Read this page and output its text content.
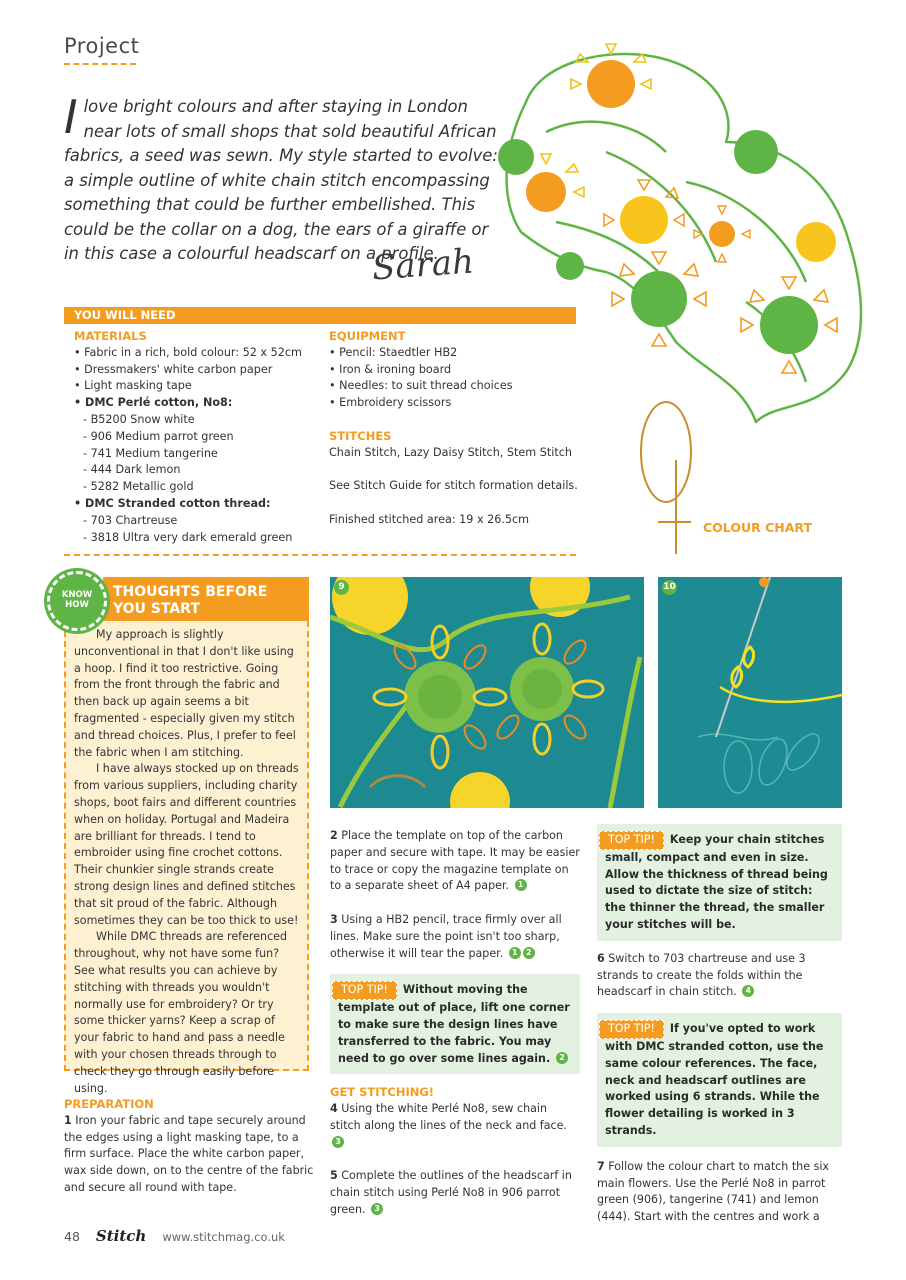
Project
Ilove bright colours and after staying in London near lots of small shops that sold beautiful African fabrics, a seed was sewn. My style started to evolve: a simple outline of white chain stitch encompassing something that could be further embellished. This could be the collar on a dog, the ears of a giraffe or in this case a colourful headscarf on a profile.
Sarah
COLOUR CHART
YOU WILL NEED
MATERIALS
• Fabric in a rich, bold colour: 52 x 52cm
• Dressmakers' white carbon paper
• Light masking tape
• DMC Perlé cotton, No8:
- B5200 Snow white
- 906 Medium parrot green
- 741 Medium tangerine
- 444 Dark lemon
- 5282 Metallic gold
• DMC Stranded cotton thread:
- 703 Chartreuse
- 3818 Ultra very dark emerald green
EQUIPMENT
• Pencil: Staedtler HB2
• Iron & ironing board
• Needles: to suit thread choices
• Embroidery scissors
STITCHES
Chain Stitch, Lazy Daisy Stitch, Stem Stitch
See Stitch Guide for stitch formation details.
Finished stitched area: 19 x 26.5cm

My approach is slightly unconventional in that I don't like using a hoop. I find it too restrictive. Going from the front through the fabric and then back up again seems a bit fragmented - especially given my stitch and thread choices. Plus, I prefer to feel the fabric when I am stitching.

I have always stocked up on threads from various suppliers, including charity shops, boot fairs and different countries when on holiday. Portugal and Madeira are brilliant for threads. I tend to embroider using fine crochet cottons. Their chunkier single strands create strong design lines and defined stitches that sit proud of the fabric. Although sometimes they can be too thick to use!

While DMC threads are referenced throughout, why not have some fun? See what results you can achieve by stitching with threads you wouldn't normally use for embroidery? Or try some thicker yarns? Keep a scrap of your fabric to hand and pass a needle with your chosen threads through to check they go through easily before using.

THOUGHTS BEFORE YOU START
KNOW HOW
9	10
PREPARATION
1 Iron your fabric and tape securely around the edges using a light masking tape, to a firm surface. Place the white carbon paper, wax side down, on to the centre of the fabric and secure all round with tape.
2 Place the template on top of the carbon paper and secure with tape. It may be easier to trace or copy the magazine template on to a separate sheet of A4 paper. 1
3 Using a HB2 pencil, trace firmly over all lines. Make sure the point isn't too sharp, otherwise it will tear the paper. 1 2
TOP TIP! Without moving the template out of place, lift one corner to make sure the design lines have transferred to the fabric. You may need to go over some lines again. 2
GET STITCHING!
4 Using the white Perlé No8, sew chain stitch along the lines of the neck and face. 3
5 Complete the outlines of the headscarf in chain stitch using Perlé No8 in 906 parrot green. 3
TOP TIP! Keep your chain stitches small, compact and even in size. Allow the thickness of thread being used to dictate the size of stitch: the thinner the thread, the smaller your stitches will be.
6 Switch to 703 chartreuse and use 3 strands to create the folds within the headscarf in chain stitch. 4
TOP TIP! If you've opted to work with DMC stranded cotton, use the same colour references. The face, neck and headscarf outlines are worked using 6 strands. While the flower detailing is worked in 3 strands.
7 Follow the colour chart to match the six main flowers. Use the Perlé No8 in parrot green (906), tangerine (741) and lemon (444). Start with the centres and work a
48 Stitch www.stitchmag.co.uk
